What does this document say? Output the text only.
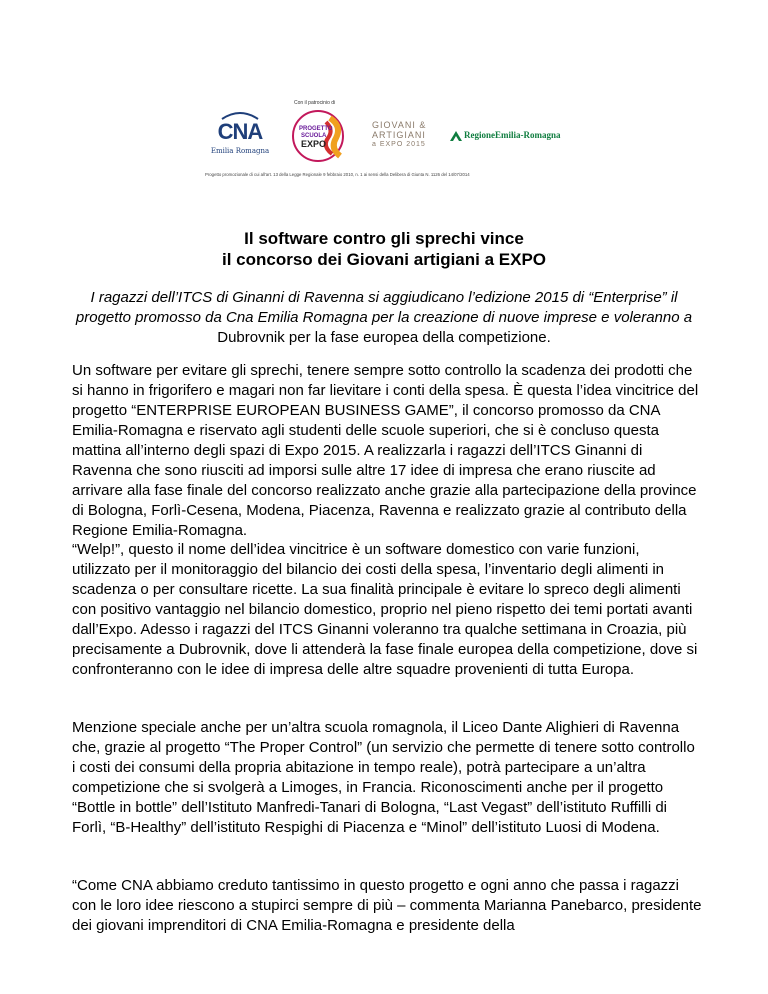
CNA
Emilia Romagna
Con il patrocinio di
PROGETTO
SCUOLA
EXPO
GIOVANI &
ARTIGIANI
a EXPO 2015
RegioneEmilia-Romagna
Progetto promozionale di cui all'art. 13 della Legge Regionale 9 febbraio 2010, n. 1 ai sensi della Delibera di Giunta N. 1126 del 14/07/2014
Il software contro gli sprechi vince
il concorso dei Giovani artigiani a EXPO
I ragazzi dell’ITCS di Ginanni di Ravenna si aggiudicano l’edizione 2015 di “Enterprise” il progetto promosso da Cna Emilia Romagna per la creazione di nuove imprese e voleranno a Dubrovnik per la fase europea della competizione.

Un software per evitare gli sprechi, tenere sempre sotto controllo la scadenza dei prodotti che si hanno in frigorifero e magari non far lievitare i conti della spesa. È questa l’idea vincitrice del progetto “ENTERPRISE EUROPEAN BUSINESS GAME”, il concorso promosso da CNA Emilia-Romagna e riservato agli studenti delle scuole superiori, che si è concluso questa mattina all’interno degli spazi di Expo 2015. A realizzarla i ragazzi dell’ITCS Ginanni di Ravenna che sono riusciti ad imporsi sulle altre 17 idee di impresa che erano riuscite ad arrivare alla fase finale del concorso realizzato anche grazie alla partecipazione della province di Bologna, Forlì-Cesena, Modena, Piacenza, Ravenna e realizzato grazie al contributo della Regione Emilia-Romagna.

“Welp!”, questo il nome dell’idea vincitrice è un software domestico con varie funzioni, utilizzato per il monitoraggio del bilancio dei costi della spesa, l’inventario degli alimenti in scadenza o per consultare ricette. La sua finalità principale è evitare lo spreco degli alimenti con positivo vantaggio nel bilancio domestico, proprio nel pieno rispetto dei temi portati avanti dall’Expo. Adesso i ragazzi del ITCS Ginanni voleranno tra qualche settimana in Croazia, più precisamente a Dubrovnik, dove li attenderà la fase finale europea della competizione, dove si confronteranno con le idee di impresa delle altre squadre provenienti di tutta Europa.

Menzione speciale anche per un’altra scuola romagnola, il Liceo Dante Alighieri di Ravenna che, grazie al progetto “The Proper Control” (un servizio che permette di tenere sotto controllo i costi dei consumi della propria abitazione in tempo reale), potrà partecipare a un’altra competizione che si svolgerà a Limoges, in Francia. Riconoscimenti anche per il progetto “Bottle in bottle” dell’Istituto Manfredi-Tanari di Bologna, “Last Vegast” dell’istituto Ruffilli di Forlì, “B-Healthy” dell’istituto Respighi di Piacenza e “Minol” dell’istituto Luosi di Modena.

“Come CNA abbiamo creduto tantissimo in questo progetto e ogni anno che passa i ragazzi con le loro idee riescono a stupirci sempre di più – commenta Marianna Panebarco, presidente dei giovani imprenditori di CNA Emilia-Romagna e presidente della
